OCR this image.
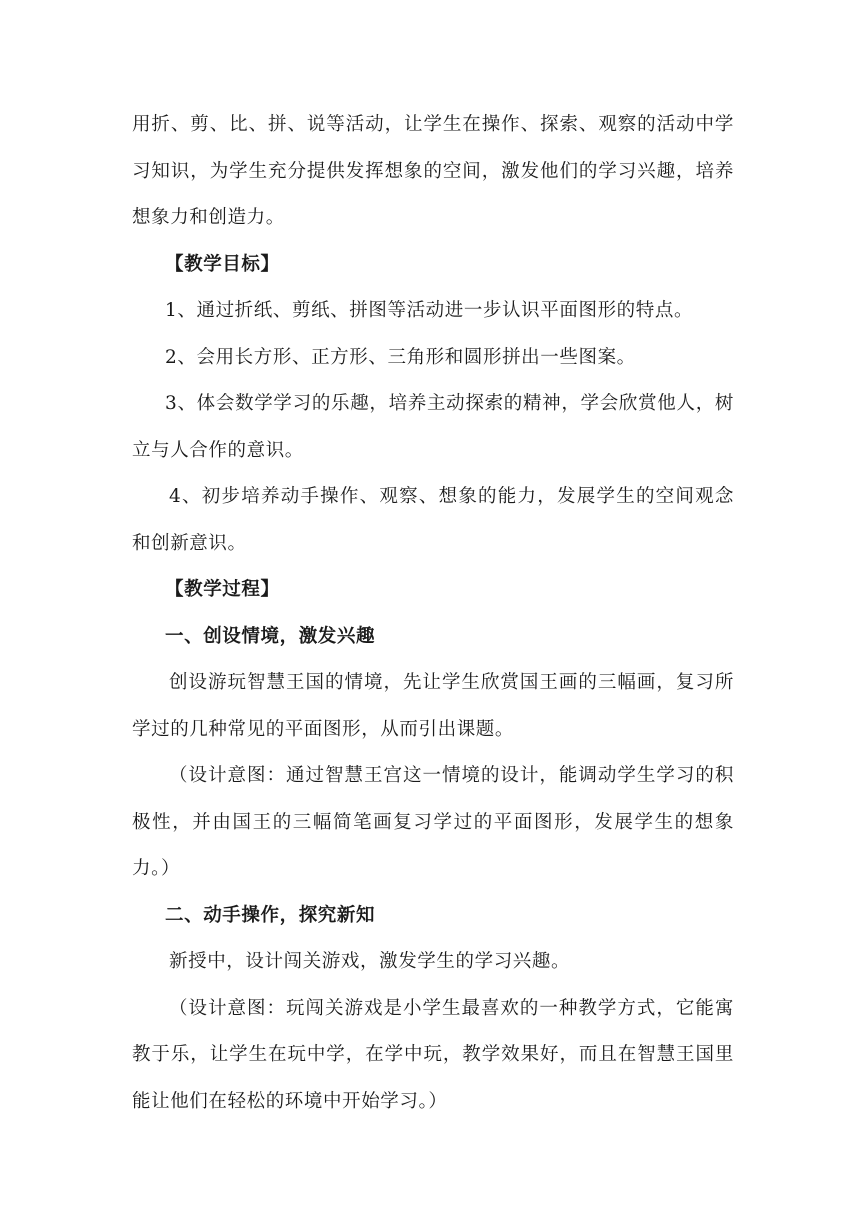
用折、剪、比、拼、说等活动，让学生在操作、探索、观察的活动中学习知识，为学生充分提供发挥想象的空间，激发他们的学习兴趣，培养想象力和创造力。

【教学目标】

1、通过折纸、剪纸、拼图等活动进一步认识平面图形的特点。

2、会用长方形、正方形、三角形和圆形拼出一些图案。

3、体会数学学习的乐趣，培养主动探索的精神，学会欣赏他人，树立与人合作的意识。

4、初步培养动手操作、观察、想象的能力，发展学生的空间观念和创新意识。

【教学过程】

一、创设情境，激发兴趣

创设游玩智慧王国的情境，先让学生欣赏国王画的三幅画，复习所学过的几种常见的平面图形，从而引出课题。

（设计意图：通过智慧王宫这一情境的设计，能调动学生学习的积极性，并由国王的三幅简笔画复习学过的平面图形，发展学生的想象力。）

二、动手操作，探究新知

新授中，设计闯关游戏，激发学生的学习兴趣。

（设计意图：玩闯关游戏是小学生最喜欢的一种教学方式，它能寓教于乐，让学生在玩中学，在学中玩，教学效果好，而且在智慧王国里能让他们在轻松的环境中开始学习。）
